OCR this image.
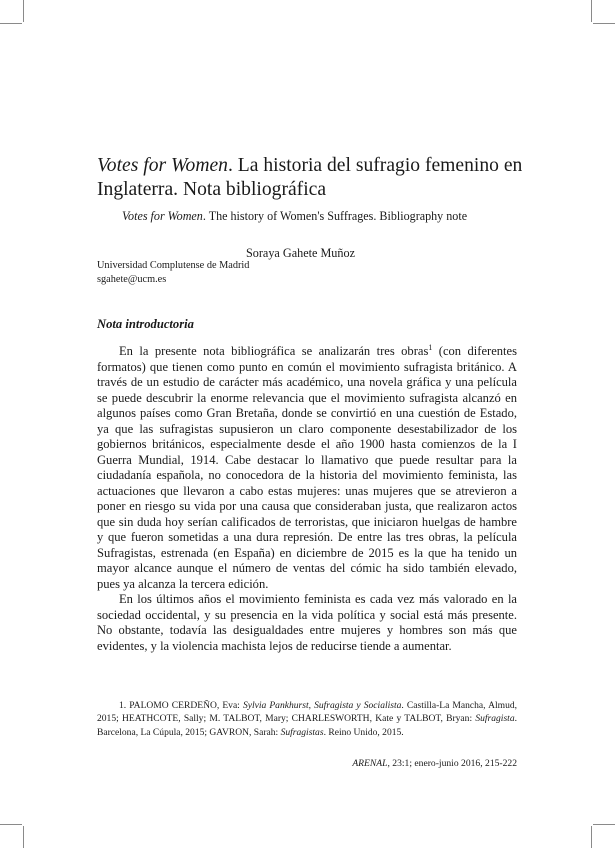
Votes for Women. La historia del sufragio femenino en Inglaterra. Nota bibliográfica

Votes for Women. The history of Women's Suffrages. Bibliography note

Soraya Gahete Muñoz

Universidad Complutense de Madrid
sgahete@ucm.es
Nota introductoria

En la presente nota bibliográfica se analizarán tres obras$^1$ (con diferentes formatos) que tienen como punto en común el movimiento sufragista británico. A través de un estudio de carácter más académico, una novela gráfica y una película se puede descubrir la enorme relevancia que el movimiento sufragista alcanzó en algunos países como Gran Bretaña, donde se convirtió en una cuestión de Estado, ya que las sufragistas supusieron un claro componente desestabilizador de los gobiernos británicos, especialmente desde el año 1900 hasta comienzos de la I Guerra Mundial, 1914. Cabe destacar lo llamativo que puede resultar para la ciudadanía española, no conocedora de la historia del movimiento feminista, las actuaciones que llevaron a cabo estas mujeres: unas mujeres que se atrevieron a poner en riesgo su vida por una causa que consideraban justa, que realizaron actos que sin duda hoy serían calificados de terroristas, que iniciaron huelgas de hambre y que fueron sometidas a una dura represión. De entre las tres obras, la película Sufragistas, estrenada (en España) en diciembre de 2015 es la que ha tenido un mayor alcance aunque el número de ventas del cómic ha sido también elevado, pues ya alcanza la tercera edición.

En los últimos años el movimiento feminista es cada vez más valorado en la sociedad occidental, y su presencia en la vida política y social está más presente. No obstante, todavía las desigualdades entre mujeres y hombres son más que evidentes, y la violencia machista lejos de reducirse tiende a aumentar.

1. PALOMO CERDEÑO, Eva: Sylvia Pankhurst, Sufragista y Socialista. Castilla-La Mancha, Almud, 2015; HEATHCOTE, Sally; M. TALBOT, Mary; CHARLESWORTH, Kate y TALBOT, Bryan: Sufragista. Barcelona, La Cúpula, 2015; GAVRON, Sarah: Sufragistas. Reino Unido, 2015.
ARENAL, 23:1; enero-junio 2016, 215-222
